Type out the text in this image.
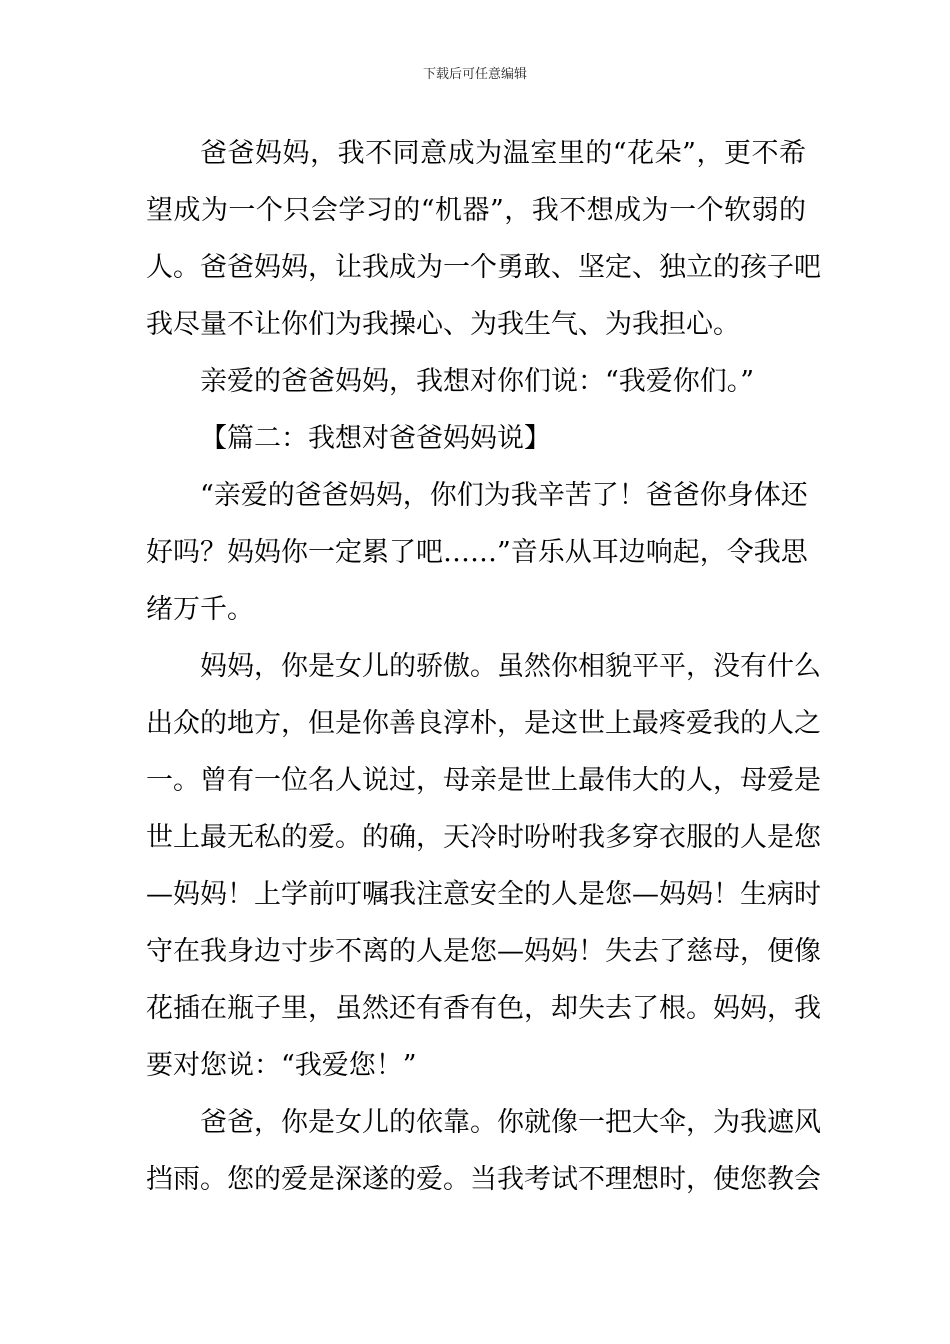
下载后可任意编辑
爸爸妈妈，我不同意成为温室里的“花朵”，更不希
望成为一个只会学习的“机器”，我不想成为一个软弱的
人。爸爸妈妈，让我成为一个勇敢、坚定、独立的孩子吧
我尽量不让你们为我操心、为我生气、为我担心。
亲爱的爸爸妈妈，我想对你们说：“我爱你们。”
【篇二：我想对爸爸妈妈说】
“亲爱的爸爸妈妈，你们为我辛苦了！爸爸你身体还
好吗？妈妈你一定累了吧……”音乐从耳边响起，令我思
绪万千。
妈妈，你是女儿的骄傲。虽然你相貌平平，没有什么
出众的地方，但是你善良淳朴，是这世上最疼爱我的人之
一。曾有一位名人说过，母亲是世上最伟大的人，母爱是
世上最无私的爱。的确，天冷时吩咐我多穿衣服的人是您
—妈妈！上学前叮嘱我注意安全的人是您—妈妈！生病时
守在我身边寸步不离的人是您—妈妈！失去了慈母，便像
花插在瓶子里，虽然还有香有色，却失去了根。妈妈，我
要对您说：“我爱您！”
爸爸，你是女儿的依靠。你就像一把大伞，为我遮风
挡雨。您的爱是深遂的爱。当我考试不理想时，使您教会
